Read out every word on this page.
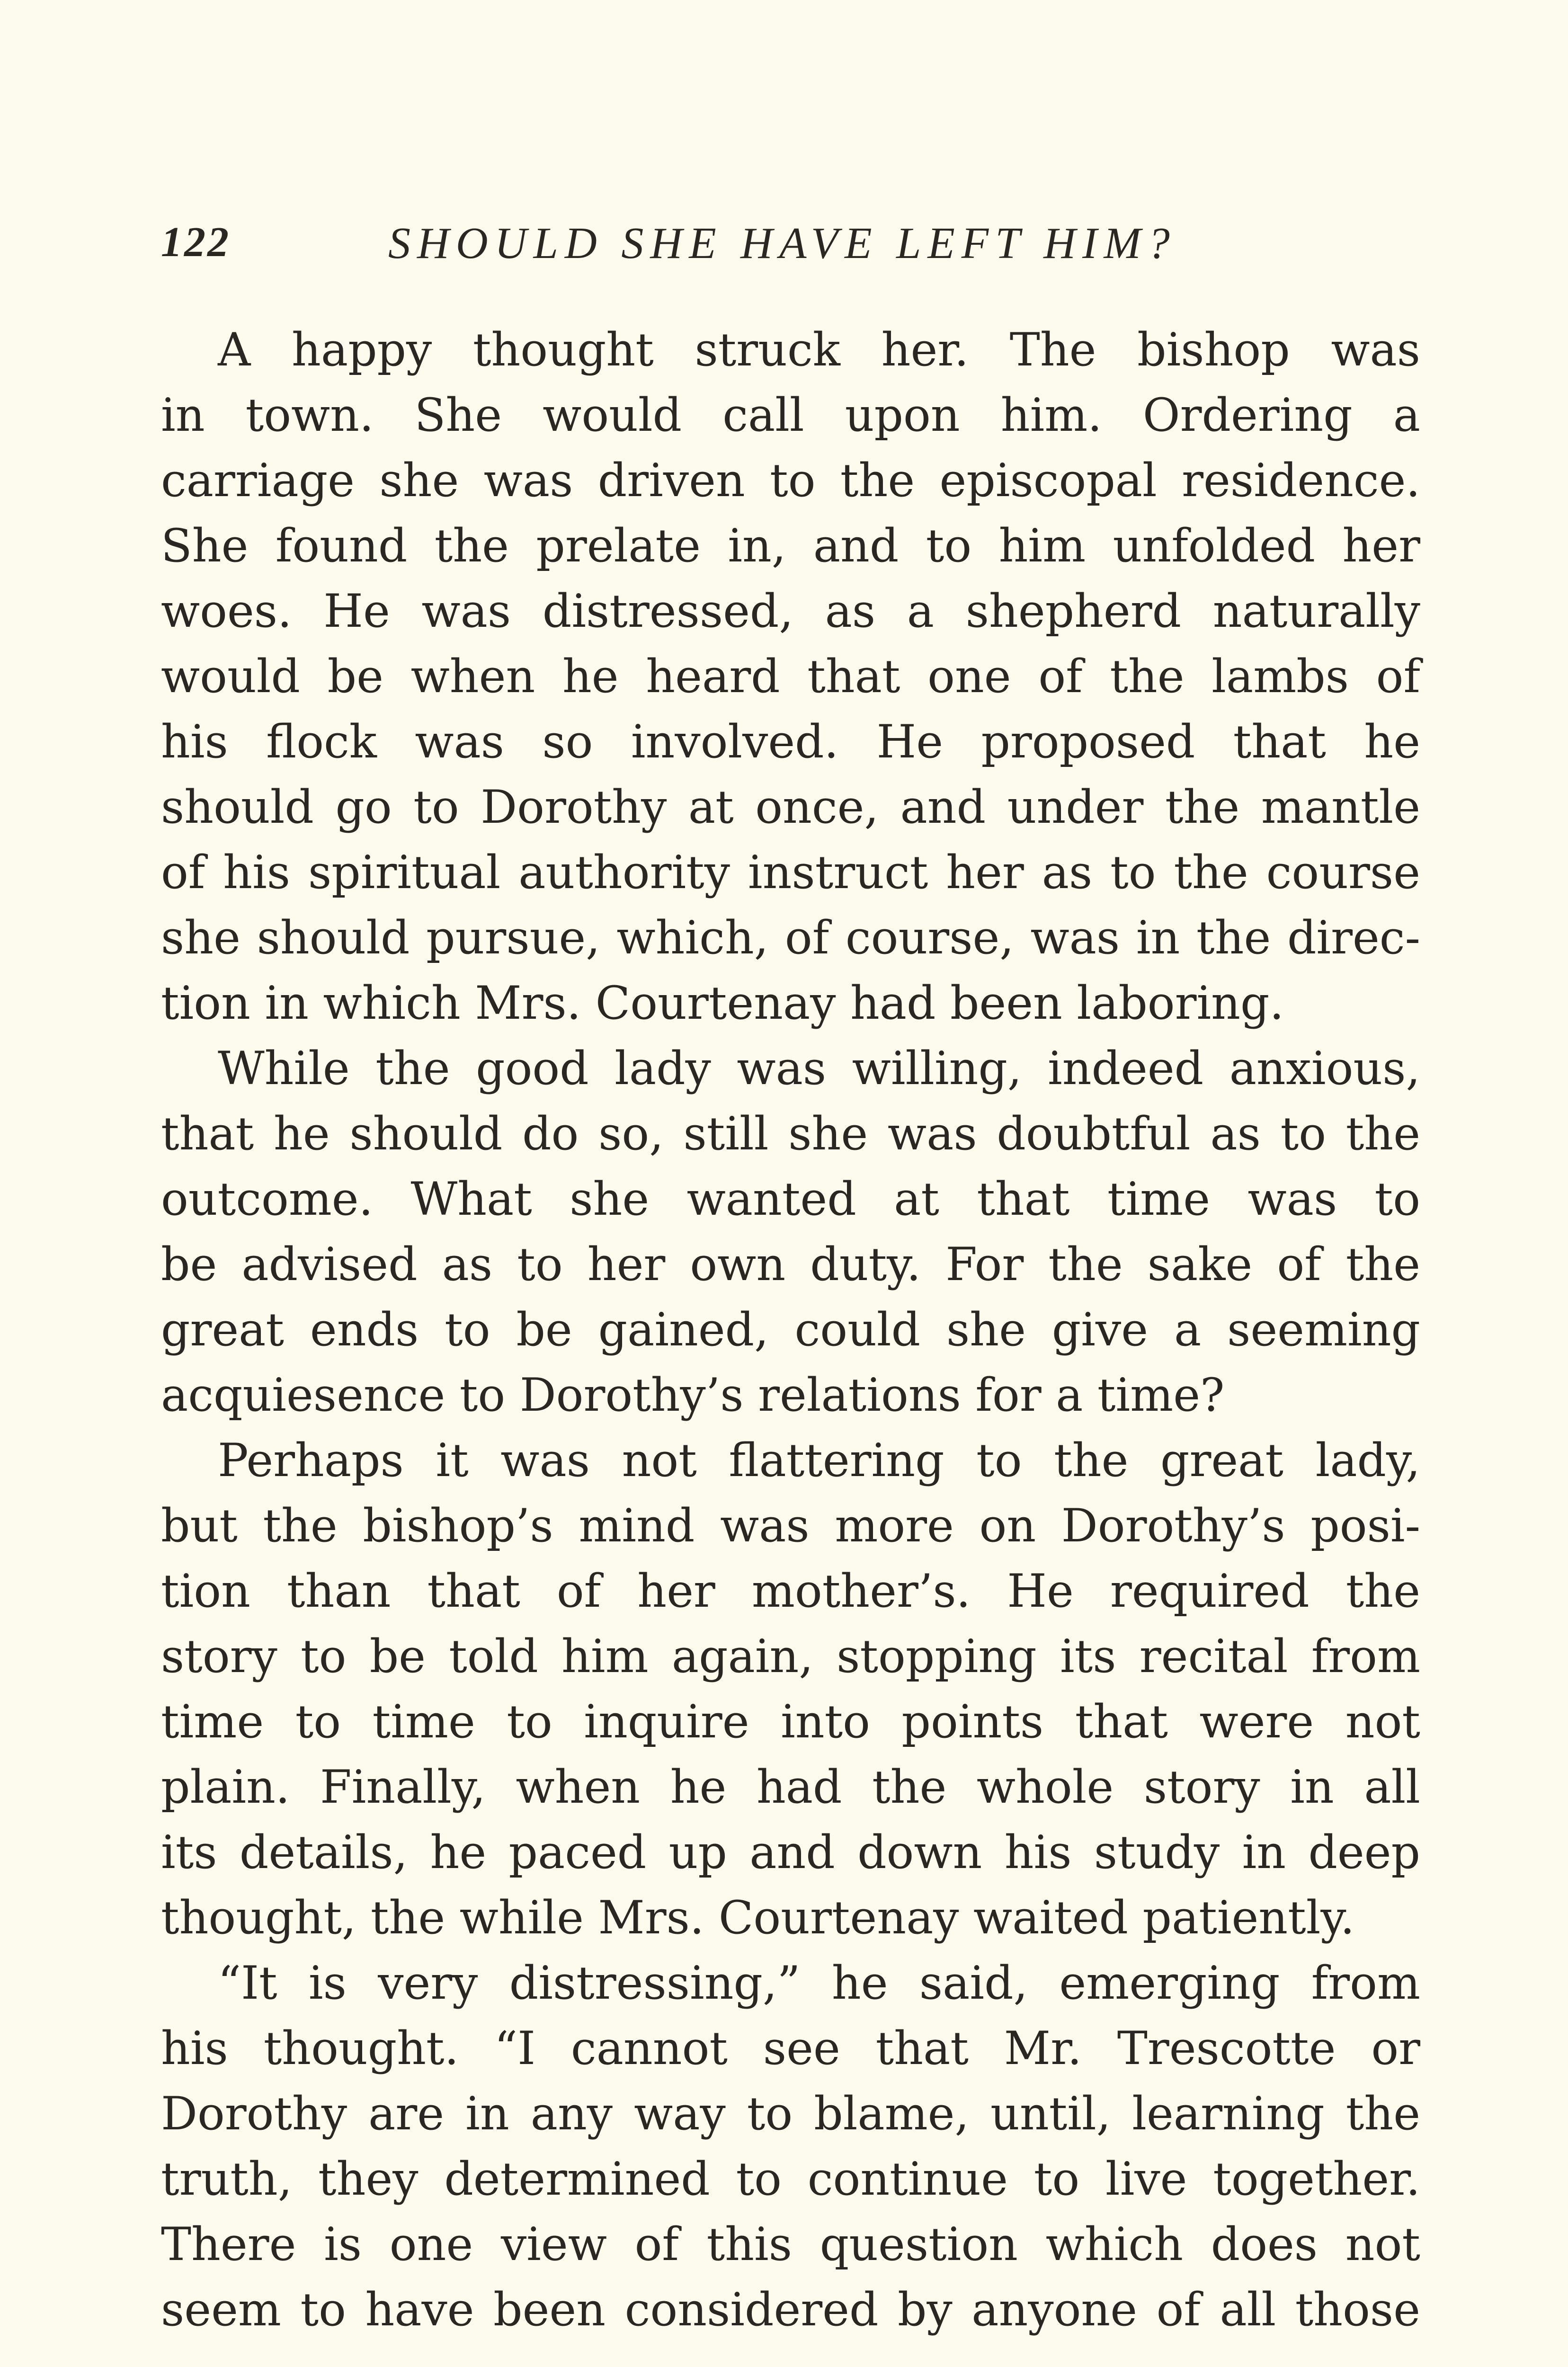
122	SHOULD SHE HAVE LEFT HIM?
A happy thought struck her. The bishop was
in town. She would call upon him. Ordering a
carriage she was driven to the episcopal residence.
She found the prelate in, and to him unfolded her
woes. He was distressed, as a shepherd naturally
would be when he heard that one of the lambs of
his flock was so involved. He proposed that he
should go to Dorothy at once, and under the mantle
of his spiritual authority instruct her as to the course
she should pursue, which, of course, was in the direc-
tion in which Mrs. Courtenay had been laboring.
While the good lady was willing, indeed anxious,
that he should do so, still she was doubtful as to the
outcome. What she wanted at that time was to
be advised as to her own duty. For the sake of the
great ends to be gained, could she give a seeming
acquiesence to Dorothy’s relations for a time?
Perhaps it was not flattering to the great lady,
but the bishop’s mind was more on Dorothy’s posi-
tion than that of her mother’s. He required the
story to be told him again, stopping its recital from
time to time to inquire into points that were not
plain. Finally, when he had the whole story in all
its details, he paced up and down his study in deep
thought, the while Mrs. Courtenay waited patiently.
“It is very distressing,” he said, emerging from
his thought. “I cannot see that Mr. Trescotte or
Dorothy are in any way to blame, until, learning the
truth, they determined to continue to live together.
There is one view of this question which does not
seem to have been considered by anyone of all those
